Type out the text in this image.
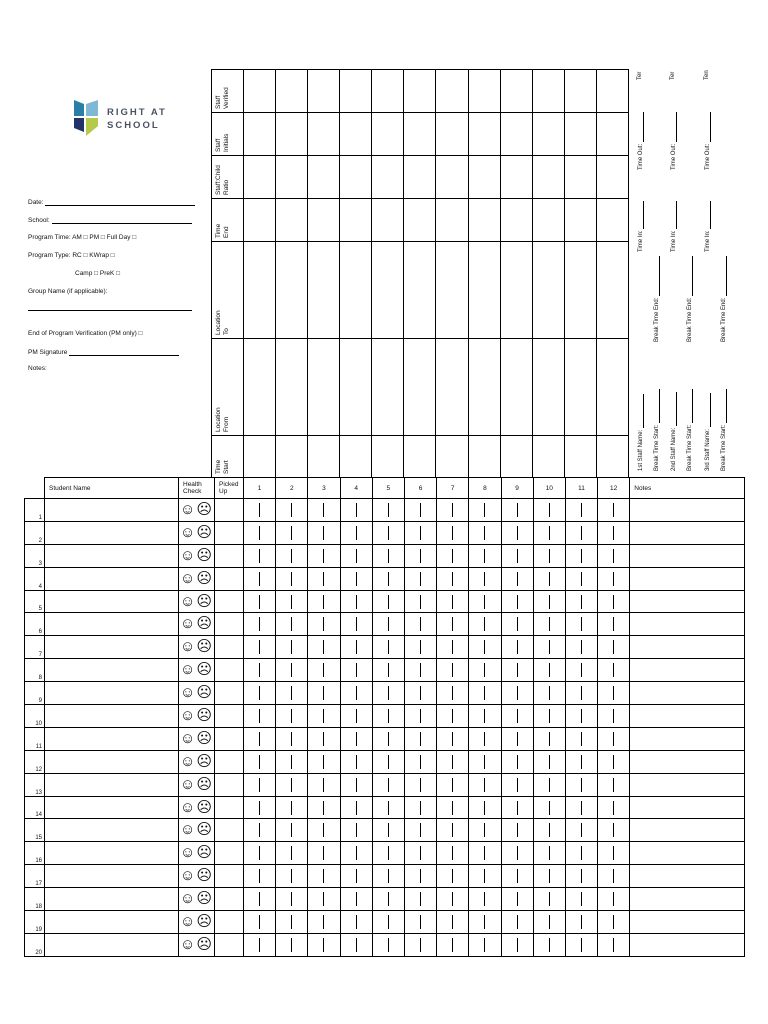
RIGHT AT
SCHOOL
Date:
School:
Program Time: AM □ PM □ Full Day □
Program Type: RC □ KWrap □
Camp □ PreK □
Group Name (if applicable):
End of Program Verification (PM only) □
PM Signature
Notes:
Staff Verified
Staff Initials
Staff:Child Ratio
Time End
Location To
Location From
Time Start	1st Staff Name:
Time In:
Time Out:
Ter
Break Time Start:
Break Time End:
2nd Staff Name:
Time In:
Time Out:
Ter
Break Time Start:
Break Time End:
3rd Staff Name:
Time In:
Time Out:
Ten
Break Time Start:
Break Time End:
	Student Name	Health Check	Picked Up	1	2	3	4	5	6	7	8	9	10	11	12	Notes
1		☺☹		

2		☺☹		

3		☺☹		

4		☺☹		

5		☺☹		

6		☺☹		

7		☺☹		

8		☺☹		

9		☺☹		

10		☺☹		

11		☺☹		

12		☺☹		

13		☺☹		

14		☺☹		

15		☺☹		

16		☺☹		

17		☺☹		

18		☺☹		

19		☺☹		

20		☺☹		
